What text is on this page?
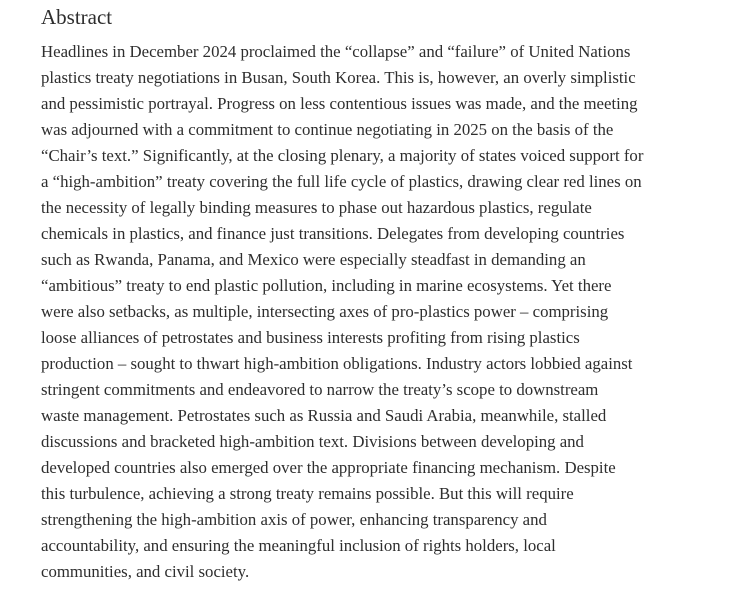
Abstract

Headlines in December 2024 proclaimed the “collapse” and “failure” of United Nations
plastics treaty negotiations in Busan, South Korea. This is, however, an overly simplistic
and pessimistic portrayal. Progress on less contentious issues was made, and the meeting
was adjourned with a commitment to continue negotiating in 2025 on the basis of the
“Chair’s text.” Significantly, at the closing plenary, a majority of states voiced support for
a “high-ambition” treaty covering the full life cycle of plastics, drawing clear red lines on
the necessity of legally binding measures to phase out hazardous plastics, regulate
chemicals in plastics, and finance just transitions. Delegates from developing countries
such as Rwanda, Panama, and Mexico were especially steadfast in demanding an
“ambitious” treaty to end plastic pollution, including in marine ecosystems. Yet there
were also setbacks, as multiple, intersecting axes of pro-plastics power – comprising
loose alliances of petrostates and business interests profiting from rising plastics
production – sought to thwart high-ambition obligations. Industry actors lobbied against
stringent commitments and endeavored to narrow the treaty’s scope to downstream
waste management. Petrostates such as Russia and Saudi Arabia, meanwhile, stalled
discussions and bracketed high-ambition text. Divisions between developing and
developed countries also emerged over the appropriate financing mechanism. Despite
this turbulence, achieving a strong treaty remains possible. But this will require
strengthening the high-ambition axis of power, enhancing transparency and
accountability, and ensuring the meaningful inclusion of rights holders, local
communities, and civil society.
